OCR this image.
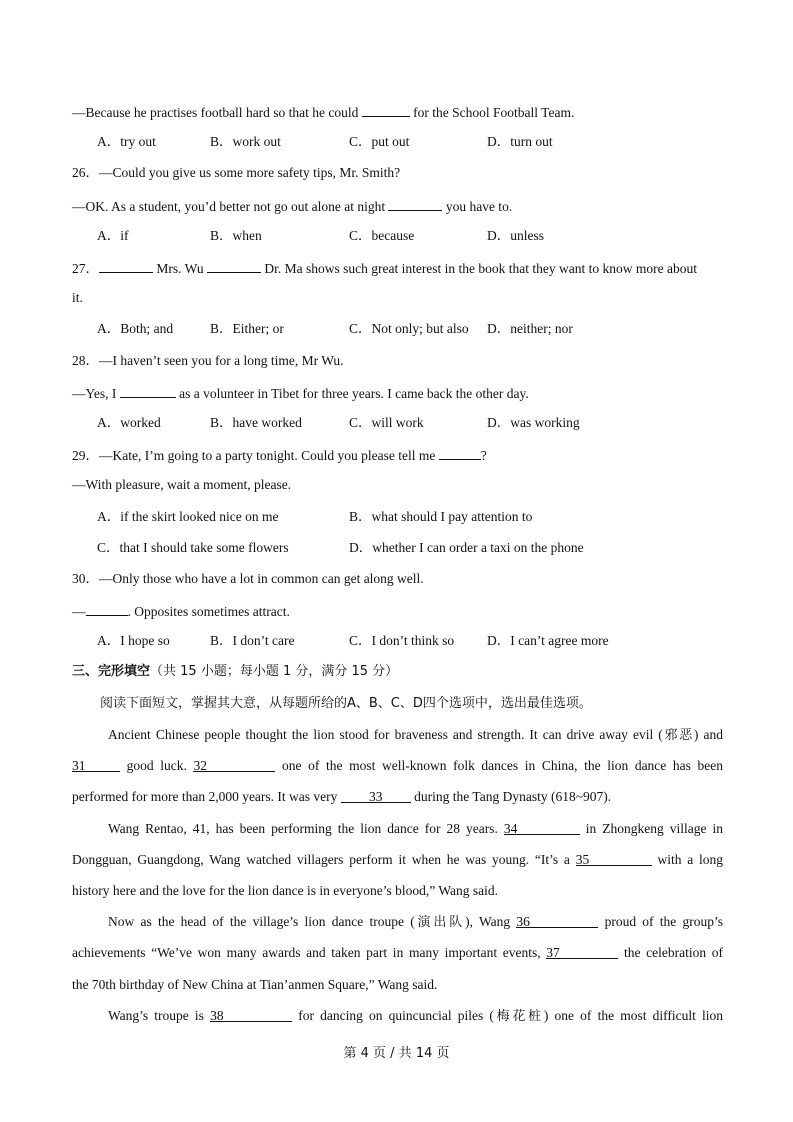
—Because he practises football hard so that he could	for the School Football Team.
A．try out	B．work out	C．put out	D．turn out
26．—Could you give us some more safety tips, Mr. Smith?
—OK. As a student, you’d better not go out alone at night	you have to.
A．if	B．when	C．because	D．unless
27．	Mrs. Wu	Dr. Ma shows such great interest in the book that they want to know more about
it.
A．Both; and	B．Either; or	C．Not only; but also D．neither; nor
28．—I haven’t seen you for a long time, Mr Wu.
—Yes, I	as a volunteer in Tibet for three years. I came back the other day.
A．worked	B．have worked	C．will work	D．was working
29．—Kate, I’m going to a party tonight. Could you please tell me	?
—With pleasure, wait a moment, please.
A．if the skirt looked nice on me	B．what should I pay attention to
C．that I should take some flowers	D．whether I can order a taxi on the phone
30．—Only those who have a lot in common can get along well.
—	. Opposites sometimes attract.
A．I hope so	B．I don’t care	C．I don’t think so D．I can’t agree more
三、完形填空（共 15 小题；每小题 1 分，满分 15 分）
阅读下面短文，掌握其大意，从每题所给的A、B、C、D四个选项中，选出最佳选项。
Ancient Chinese people thought the lion stood for braveness and strength. It can drive away evil (邪恶) and
31	good luck. 32	one of the most well-known folk dances in China, the lion dance has been
performed for more than 2,000 years. It was very 33 during the Tang Dynasty (618~907).
Wang Rentao, 41, has been performing the lion dance for 28 years. 34	in Zhongkeng village in
Dongguan, Guangdong, Wang watched villagers perform it when he was young. “It’s a 35	with a long
history here and the love for the lion dance is in everyone’s blood,” Wang said.
Now as the head of the village’s lion dance troupe (演出队), Wang 36	proud of the group’s
achievements “We’ve won many awards and taken part in many important events, 37	the celebration of
the 70th birthday of New China at Tian’anmen Square,” Wang said.
Wang’s troupe is 38	for dancing on quincuncial piles (梅花桩) one of the most difficult lion
第 4 页 / 共 14 页
